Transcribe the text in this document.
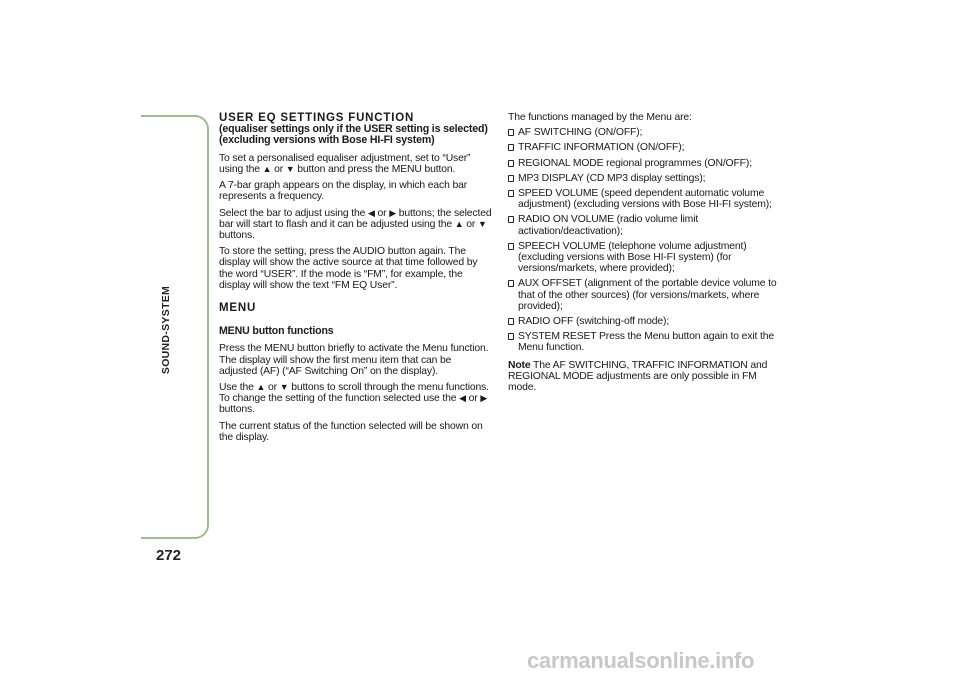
SOUND-SYSTEM
272

USER EQ SETTINGS FUNCTION

(equaliser settings only if the USER setting is selected) (excluding versions with Bose HI-FI system)

To set a personalised equaliser adjustment, set to “User” using the ▲ or ▼ button and press the MENU button.

A 7-bar graph appears on the display, in which each bar represents a frequency.

Select the bar to adjust using the ◀ or ▶ buttons; the selected bar will start to flash and it can be adjusted using the ▲ or ▼ buttons.

To store the setting, press the AUDIO button again. The display will show the active source at that time followed by the word “USER”. If the mode is “FM”, for example, the display will show the text “FM EQ User”.

MENU

MENU button functions

Press the MENU button briefly to activate the Menu function. The display will show the first menu item that can be adjusted (AF) (“AF Switching On” on the display).

Use the ▲ or ▼ buttons to scroll through the menu functions. To change the setting of the function selected use the ◀ or ▶ buttons.

The current status of the function selected will be shown on the display.

The functions managed by the Menu are:

AF SWITCHING (ON/OFF);
TRAFFIC INFORMATION (ON/OFF);
REGIONAL MODE regional programmes (ON/OFF);
MP3 DISPLAY (CD MP3 display settings);
SPEED VOLUME (speed dependent automatic volume adjustment) (excluding versions with Bose HI-FI system);
RADIO ON VOLUME (radio volume limit activation/deactivation);
SPEECH VOLUME (telephone volume adjustment) (excluding versions with Bose HI-FI system) (for versions/markets, where provided);
AUX OFFSET (alignment of the portable device volume to that of the other sources) (for versions/markets, where provided);
RADIO OFF (switching-off mode);
SYSTEM RESET Press the Menu button again to exit the Menu function.

Note The AF SWITCHING, TRAFFIC INFORMATION and REGIONAL MODE adjustments are only possible in FM mode.

carmanualsonline.info
